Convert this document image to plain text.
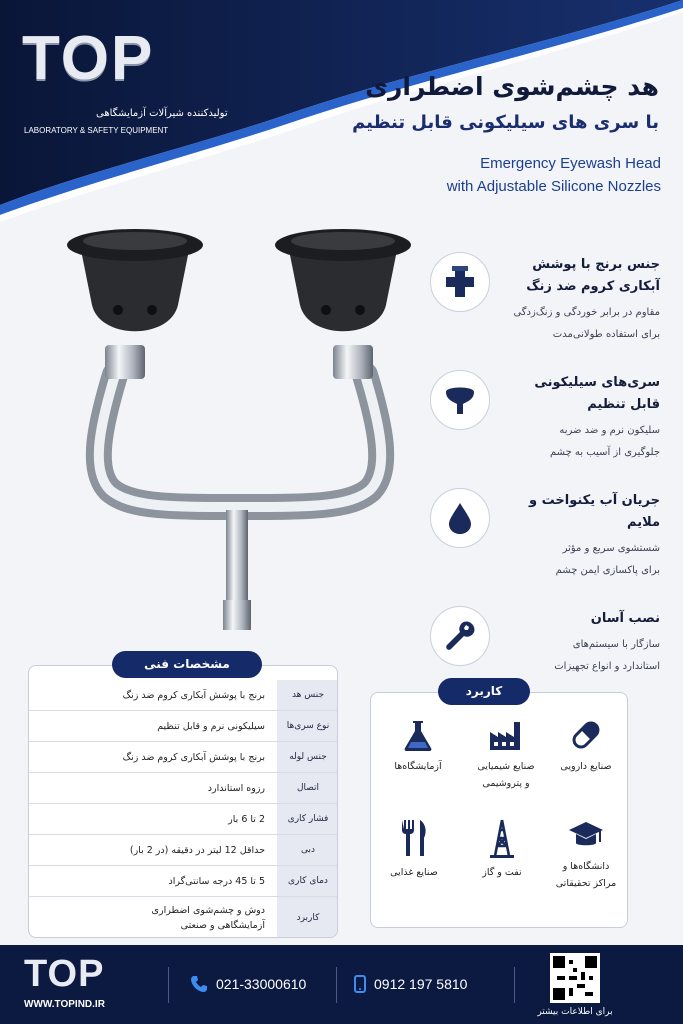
TOP
تولیدکننده شیرآلات آزمایشگاهی
LABORATORY & SAFETY EQUIPMENT
هد چشم‌شوی اضطراری
با سری های سیلیکونی قابل تنظیم
Emergency Eyewash Head
with Adjustable Silicone Nozzles
جنس برنج با پوشش
آبکاری کروم ضد زنگ
مقاوم در برابر خوردگی و زنگ‌زدگی
برای استفاده طولانی‌مدت
سری‌های سیلیکونی
قابل تنظیم
سلیکون نرم و ضد ضربه
جلوگیری از آسیب به چشم
جریان آب یکنواخت و ملایم
شستشوی سریع و مؤثر
برای پاکسازی ایمن چشم
نصب آسان
سازگار با سیستم‌های
استاندارد و انواع تجهیزات
مشخصات فنی
جنس هد
برنج با پوشش آبکاری کروم ضد زنگ
نوع سری‌ها
سیلیکونی نرم و قابل تنظیم
جنس لوله
برنج با پوشش آبکاری کروم ضد زنگ
اتصال
رزوه استاندارد
فشار کاری
2 تا 6 بار
دبی
حداقل 12 لیتر در دقیقه (در 2 بار)
دمای کاری
5 تا 45 درجه سانتی‌گراد
کاربرد
دوش و چشم‌شوی اضطراری آزمایشگاهی و صنعتی
کاربرد
صنایع دارویی
صنایع شیمیایی
و پتروشیمی
آزمایشگاه‌ها
دانشگاه‌ها و
مراکز تحقیقاتی
نفت و گاز
صنایع غذایی
TOP
WWW.TOPIND.IR
021-33000610	0912 197 5810
برای اطلاعات بیشتر
